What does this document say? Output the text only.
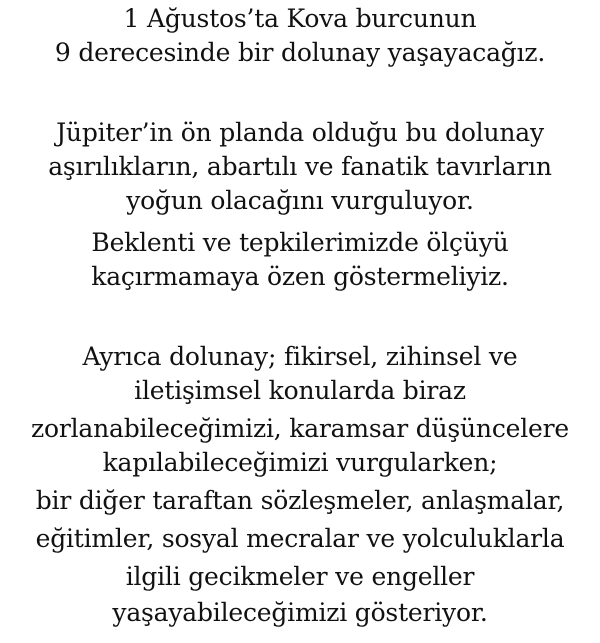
1 Ağustos’ta Kova burcunun
9 derecesinde bir dolunay yaşayacağız.
Jüpiter’in ön planda olduğu bu dolunay
aşırılıkların, abartılı ve fanatik tavırların
yoğun olacağını vurguluyor.
Beklenti ve tepkilerimizde ölçüyü
kaçırmamaya özen göstermeliyiz.
Ayrıca dolunay; fikirsel, zihinsel ve
iletişimsel konularda biraz
zorlanabileceğimizi, karamsar düşüncelere
kapılabileceğimizi vurgularken;
bir diğer taraftan sözleşmeler, anlaşmalar,
eğitimler, sosyal mecralar ve yolculuklarla
ilgili gecikmeler ve engeller
yaşayabileceğimizi gösteriyor.
